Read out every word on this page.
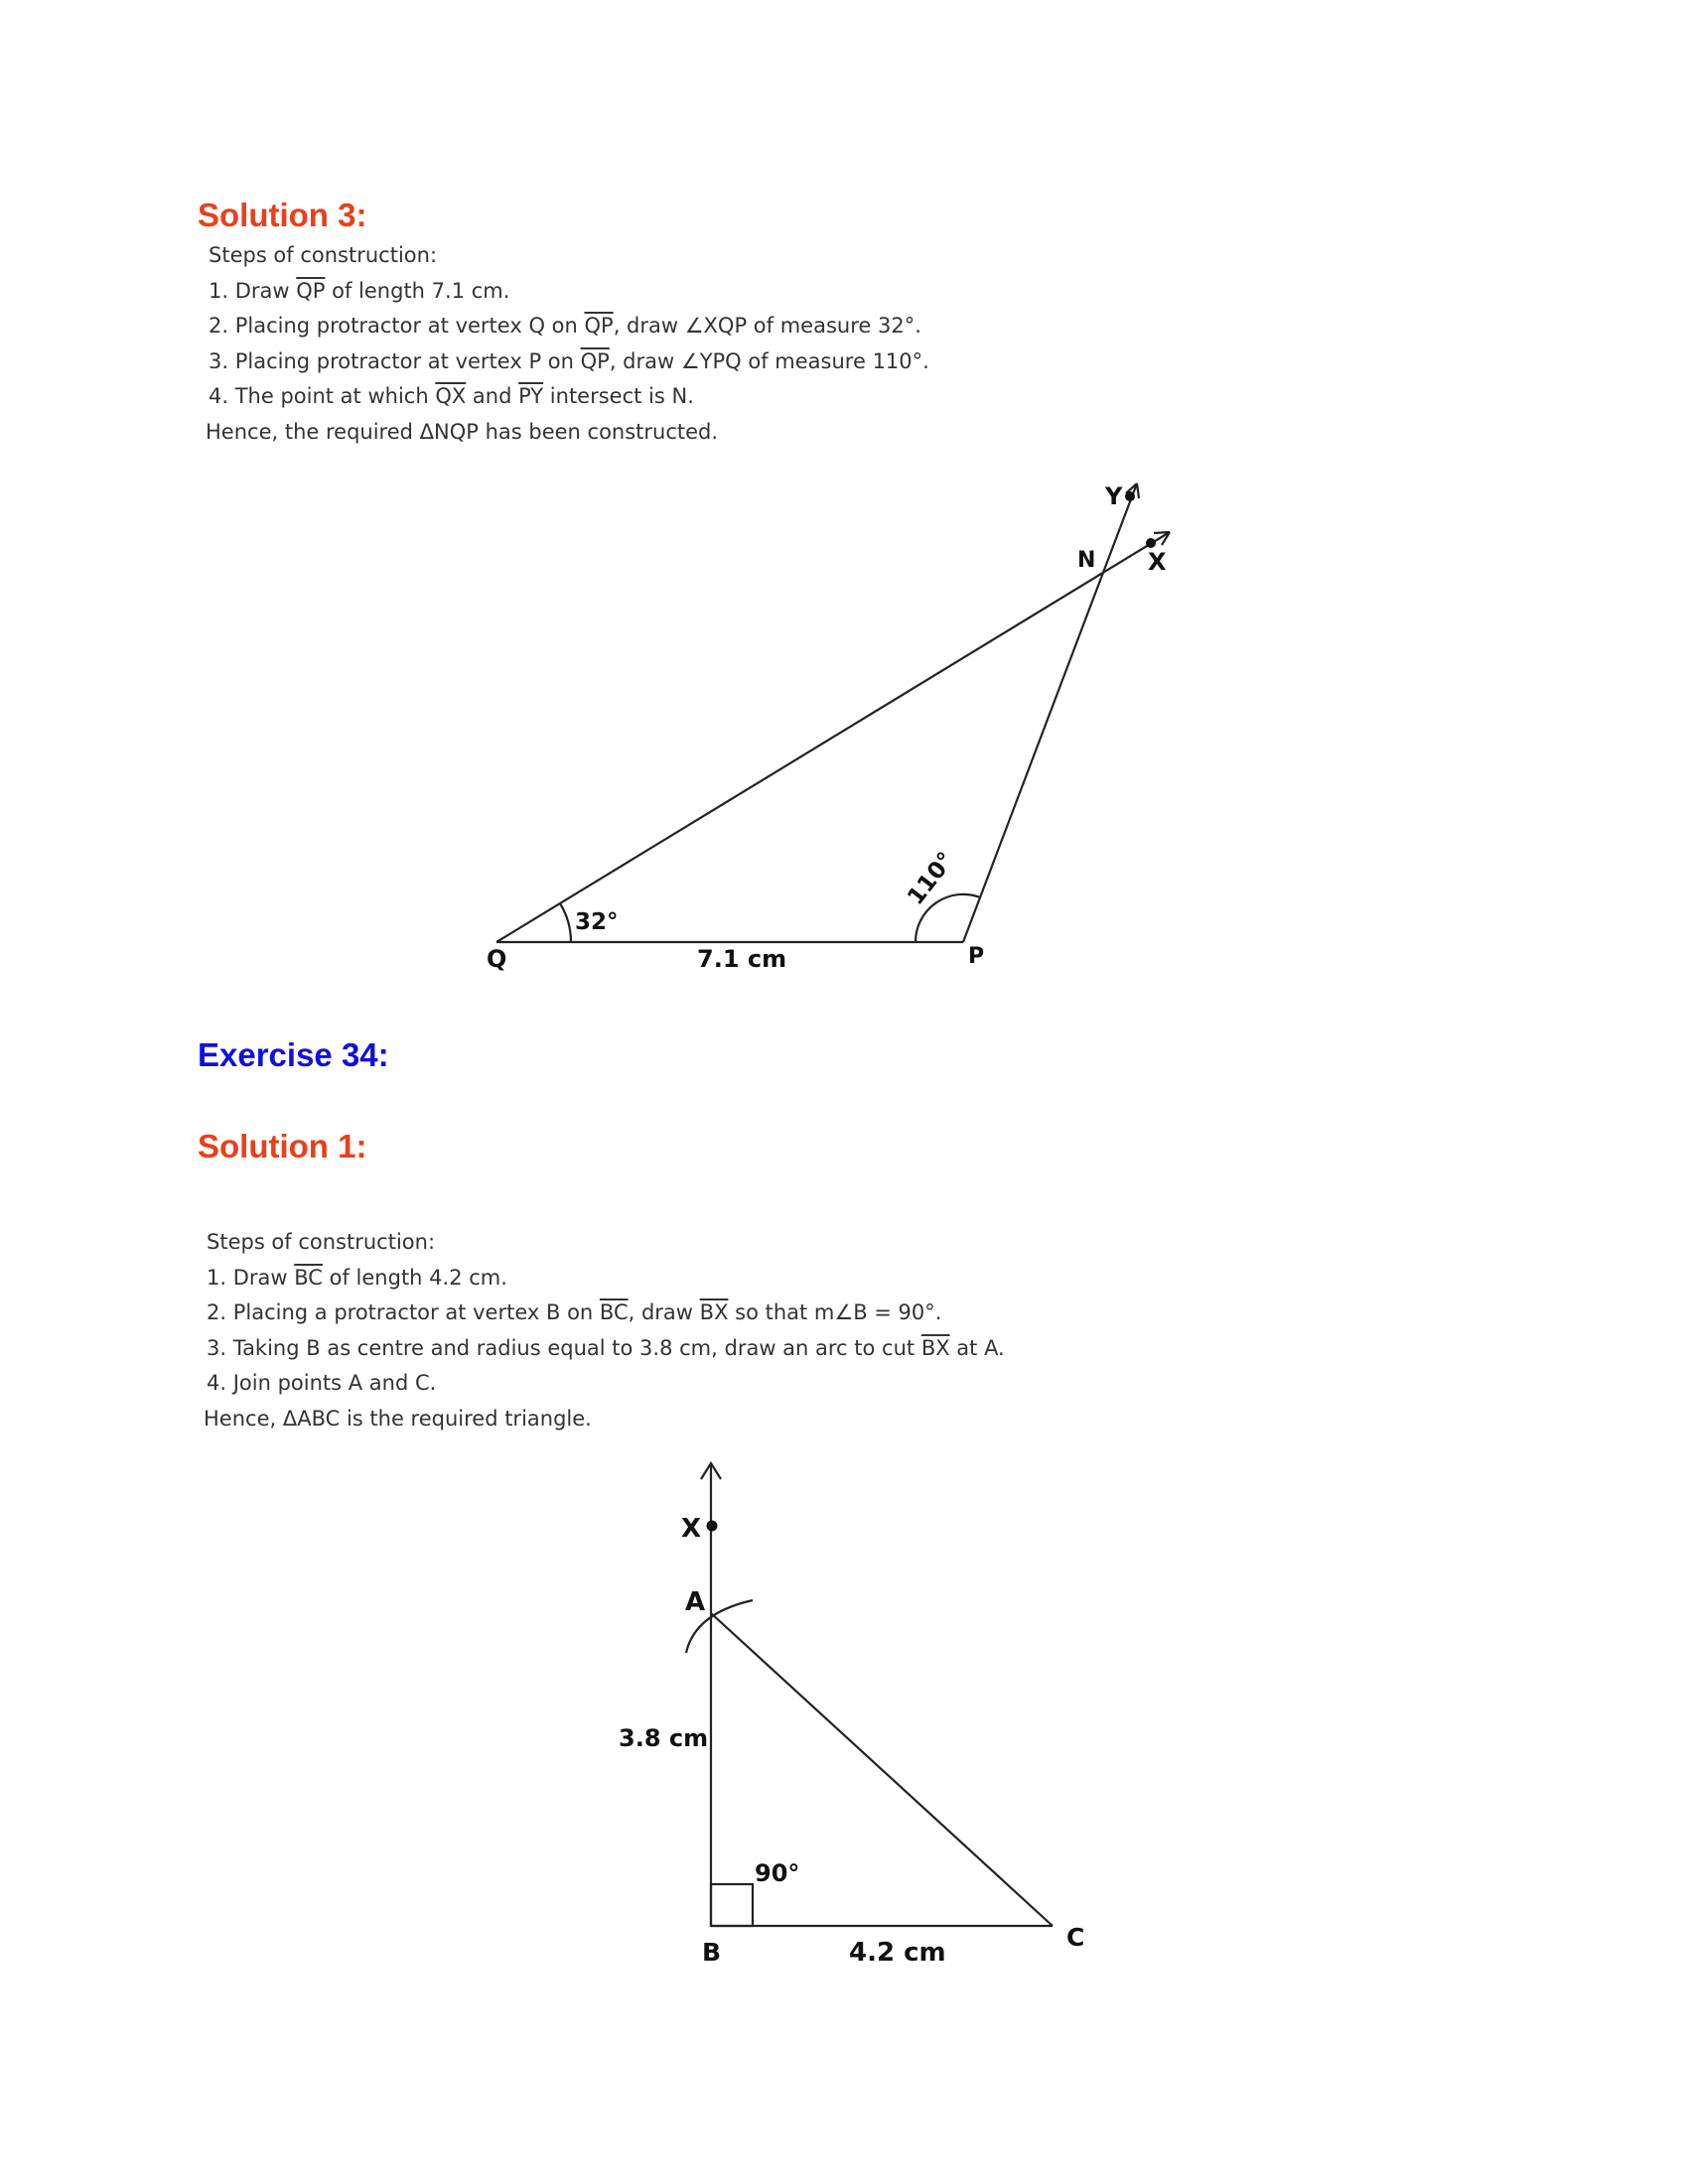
Solution 3:
Steps of construction:
1. Draw $\overline{QP}$ of length 7.1 cm.
2. Placing protractor at vertex Q on $\overline{QP}$, draw ∠XQP of measure 32°.
3. Placing protractor at vertex P on $\overline{QP}$, draw ∠YPQ of measure 110°.
4. The point at which $\overline{QX}$ and $\overline{PY}$ intersect is N.
Hence, the required ΔNQP has been constructed.
Q	P
N X
Y
32°
110°
7.1 cm
Exercise 34:
Solution 1:
Steps of construction:
1. Draw $\overline{BC}$ of length 4.2 cm.
2. Placing a protractor at vertex B on $\overline{BC}$, draw $\overline{BX}$ so that m∠B = 90°.
3. Taking B as centre and radius equal to 3.8 cm, draw an arc to cut $\overline{BX}$ at A.
4. Join points A and C.
Hence, ΔABC is the required triangle.
X
A
B
C
3.8 cm
4.2 cm
90°
